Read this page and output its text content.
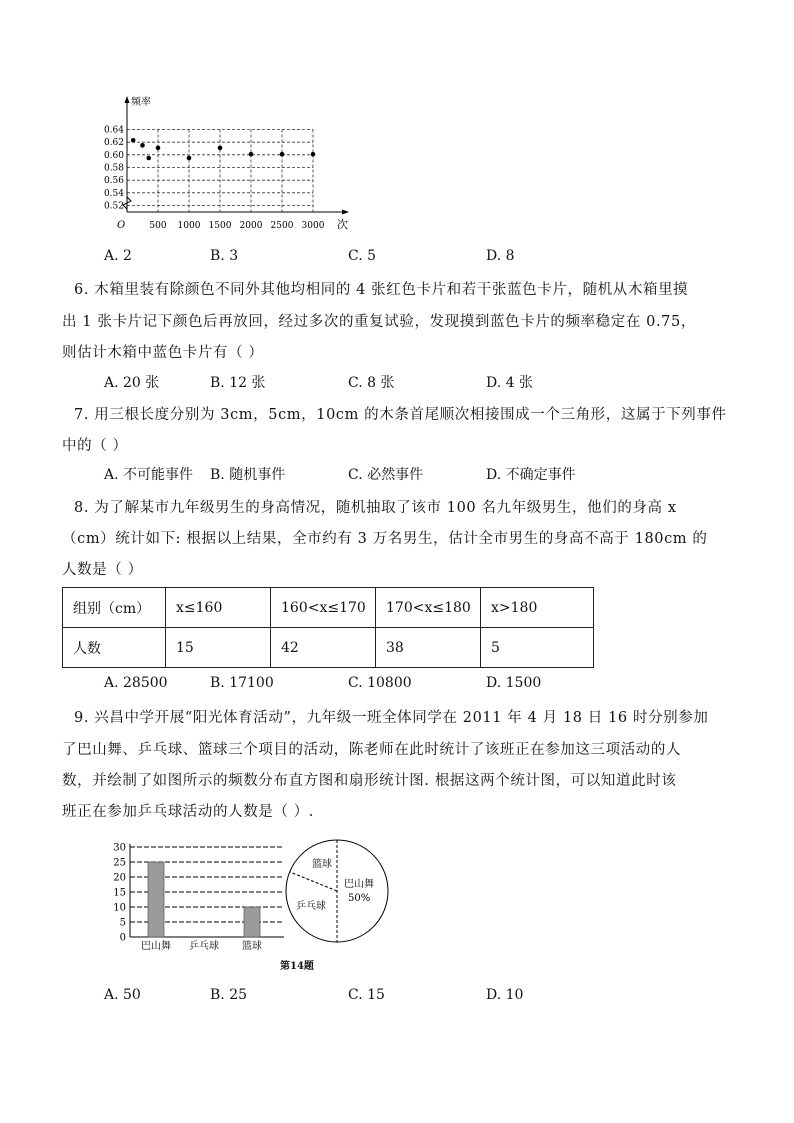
频率
次
O
0.52
0.54
0.56
0.58
0.60
0.62
0.64
500 1000 1500 2000 2500 3000
A. 2	B. 3	C. 5	D. 8
6. 木箱里装有除颜色不同外其他均相同的 4 张红色卡片和若干张蓝色卡片，随机从木箱里摸
出 1 张卡片记下颜色后再放回，经过多次的重复试验，发现摸到蓝色卡片的频率稳定在 0.75，
则估计木箱中蓝色卡片有（ ）
A. 20 张	B. 12 张	C. 8 张	D. 4 张
7. 用三根长度分别为 3cm，5cm，10cm 的木条首尾顺次相接围成一个三角形，这属于下列事件
中的（ ）
A. 不可能事件 B. 随机事件	C. 必然事件	D. 不确定事件
8. 为了解某市九年级男生的身高情况，随机抽取了该市 100 名九年级男生，他们的身高 x
（cm）统计如下: 根据以上结果，全市约有 3 万名男生，估计全市男生的身高不高于 180cm 的
人数是（ ）
组别（cm）	x≤160	160<x≤170	170<x≤180	x>180
人数	15	42	38	5
A. 28500	B. 17100	C. 10800	D. 1500
9. 兴昌中学开展“阳光体育活动”，九年级一班全体同学在 2011 年 4 月 18 日 16 时分别参加
了巴山舞、乒乓球、篮球三个项目的活动，陈老师在此时统计了该班正在参加这三项活动的人
数，并绘制了如图所示的频数分布直方图和扇形统计图. 根据这两个统计图，可以知道此时该
班正在参加乒乓球活动的人数是（ ）.
0
5
10
15
20
25
30
巴山舞 乒乓球 篮球
篮球
巴山舞
50%
乒乓球
第14题
A. 50	B. 25	C. 15	D. 10
